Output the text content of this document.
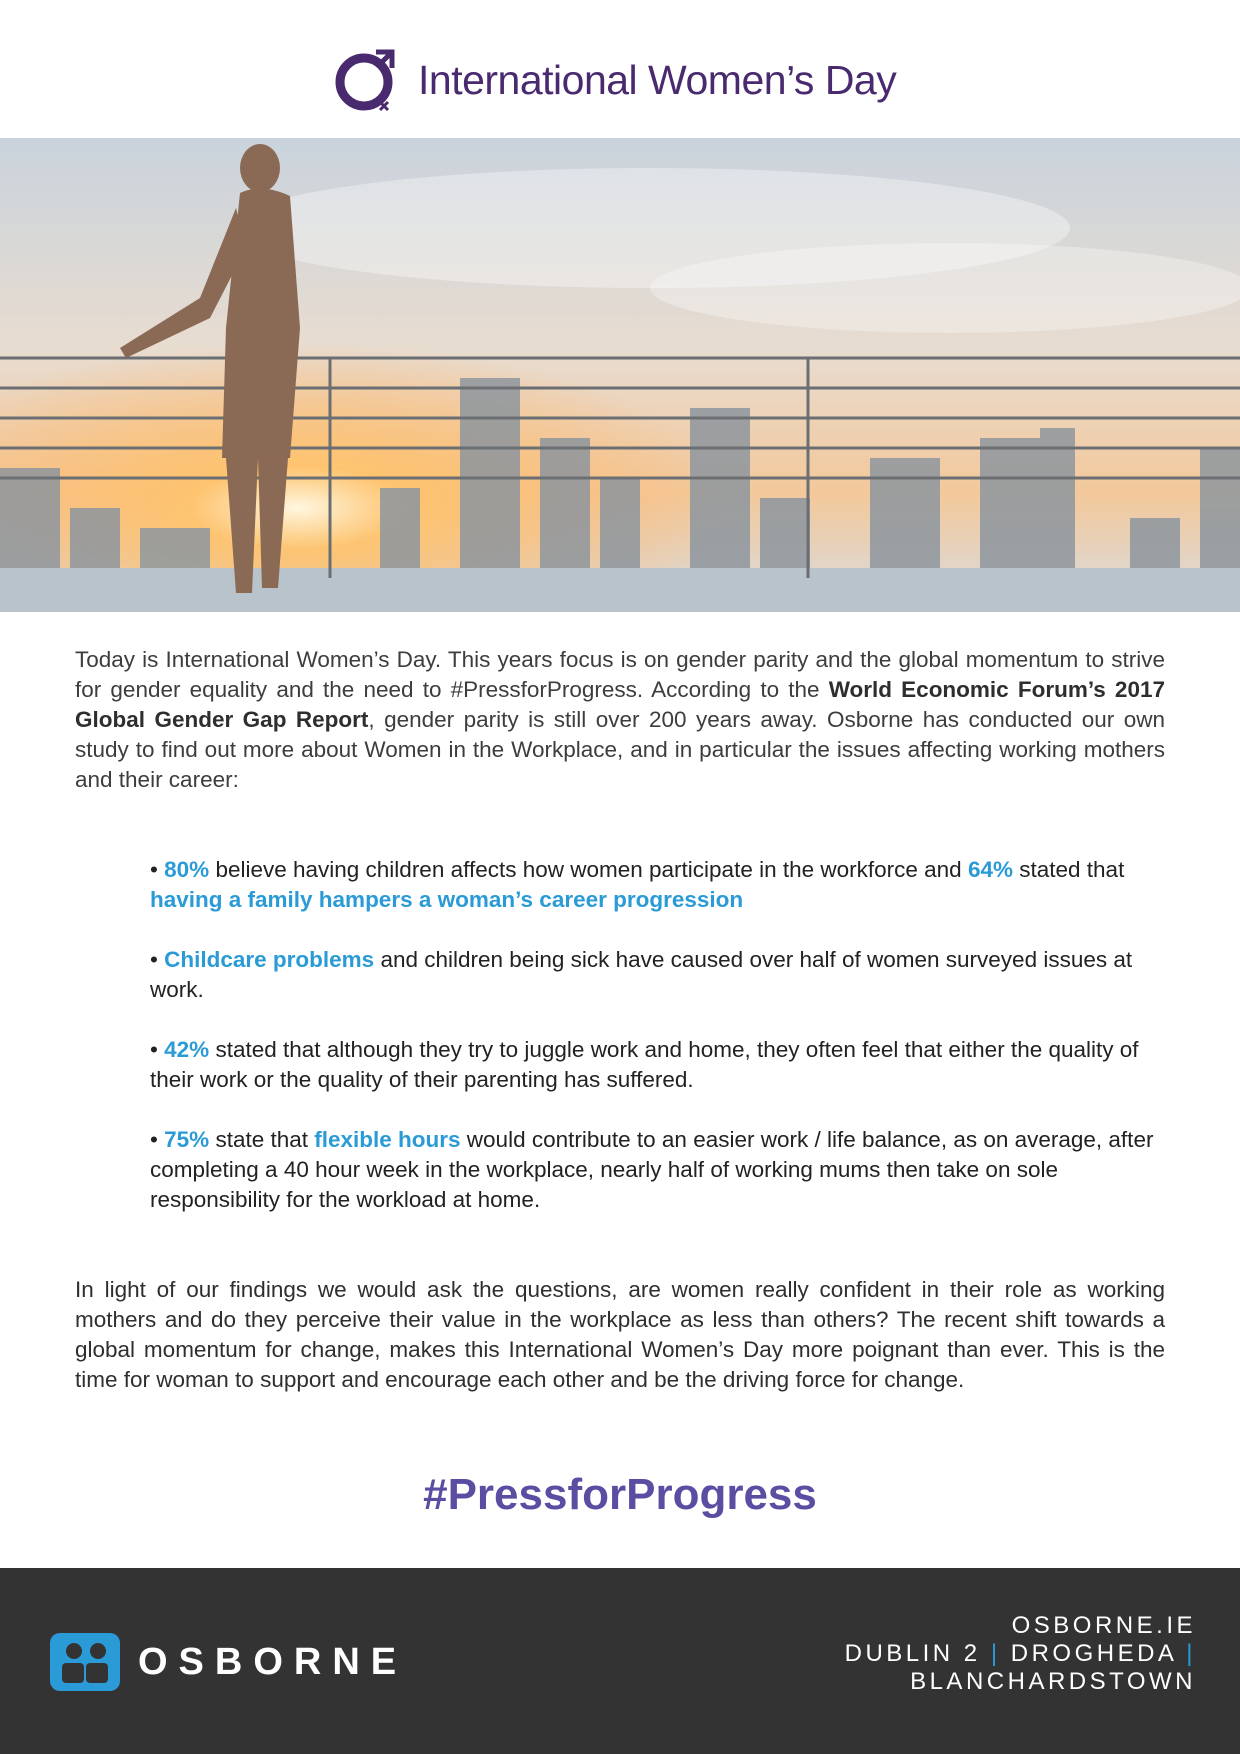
International Women’s Day
Today is International Women’s Day. This years focus is on gender parity and the global momentum to strive for gender equality and the need to #PressforProgress. According to the World Economic Forum’s 2017 Global Gender Gap Report, gender parity is still over 200 years away. Osborne has conducted our own study to find out more about Women in the Workplace, and in particular the issues affecting working mothers and their career:
• 80% believe having children affects how women participate in the workforce and 64% stated that having a family hampers a woman’s career progression
• Childcare problems and children being sick have caused over half of women surveyed issues at work.
• 42% stated that although they try to juggle work and home, they often feel that either the quality of their work or the quality of their parenting has suffered.
• 75% state that flexible hours would contribute to an easier work / life balance, as on average, after completing a 40 hour week in the workplace, nearly half of working mums then take on sole responsibility for the workload at home.
In light of our findings we would ask the questions, are women really confident in their role as working mothers and do they perceive their value in the workplace as less than others? The recent shift towards a global momentum for change, makes this International Women’s Day more poignant than ever. This is the time for woman to support and encourage each other and be the driving force for change.
#PressforProgress
OSBORNE
OSBORNE.IE
DUBLIN 2 | DROGHEDA |
BLANCHARDSTOWN
